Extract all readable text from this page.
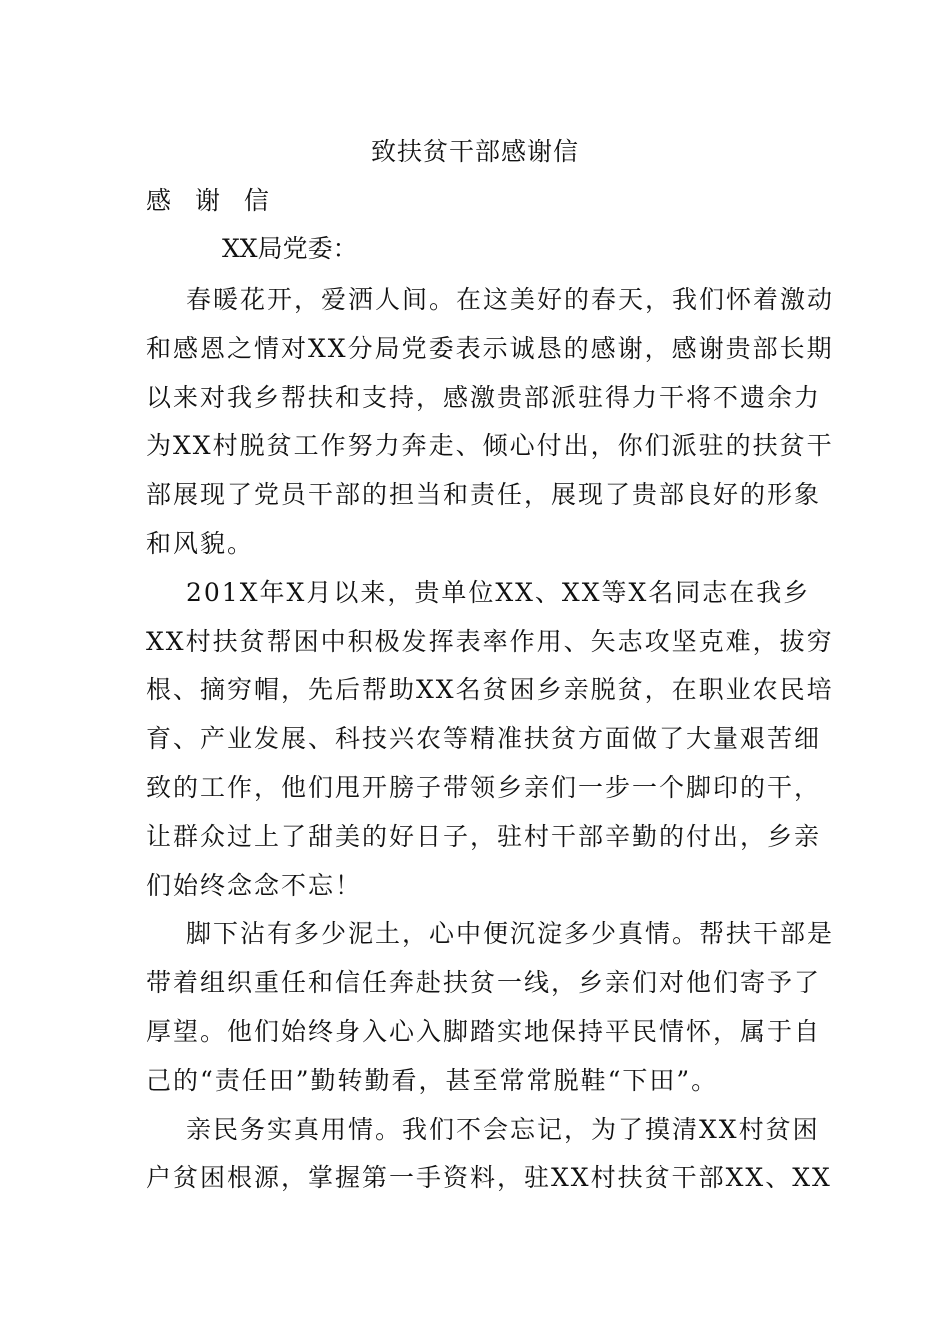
致扶贫干部感谢信
感 谢 信
XX局党委：
春暖花开，爱洒人间。在这美好的春天，我们怀着激动
和感恩之情对XX分局党委表示诚恳的感谢，感谢贵部长期
以来对我乡帮扶和支持，感激贵部派驻得力干将不遗余力
为XX村脱贫工作努力奔走、倾心付出，你们派驻的扶贫干
部展现了党员干部的担当和责任，展现了贵部良好的形象
和风貌。
201X年X月以来，贵单位XX、XX等X名同志在我乡
XX村扶贫帮困中积极发挥表率作用、矢志攻坚克难，拔穷
根、摘穷帽，先后帮助XX名贫困乡亲脱贫，在职业农民培
育、产业发展、科技兴农等精准扶贫方面做了大量艰苦细
致的工作，他们甩开膀子带领乡亲们一步一个脚印的干，
让群众过上了甜美的好日子，驻村干部辛勤的付出，乡亲
们始终念念不忘！
脚下沾有多少泥土，心中便沉淀多少真情。帮扶干部是
带着组织重任和信任奔赴扶贫一线，乡亲们对他们寄予了
厚望。他们始终身入心入脚踏实地保持平民情怀，属于自
己的“责任田”勤转勤看，甚至常常脱鞋“下田”。
亲民务实真用情。我们不会忘记，为了摸清XX村贫困
户贫困根源，掌握第一手资料，驻XX村扶贫干部XX、XX
